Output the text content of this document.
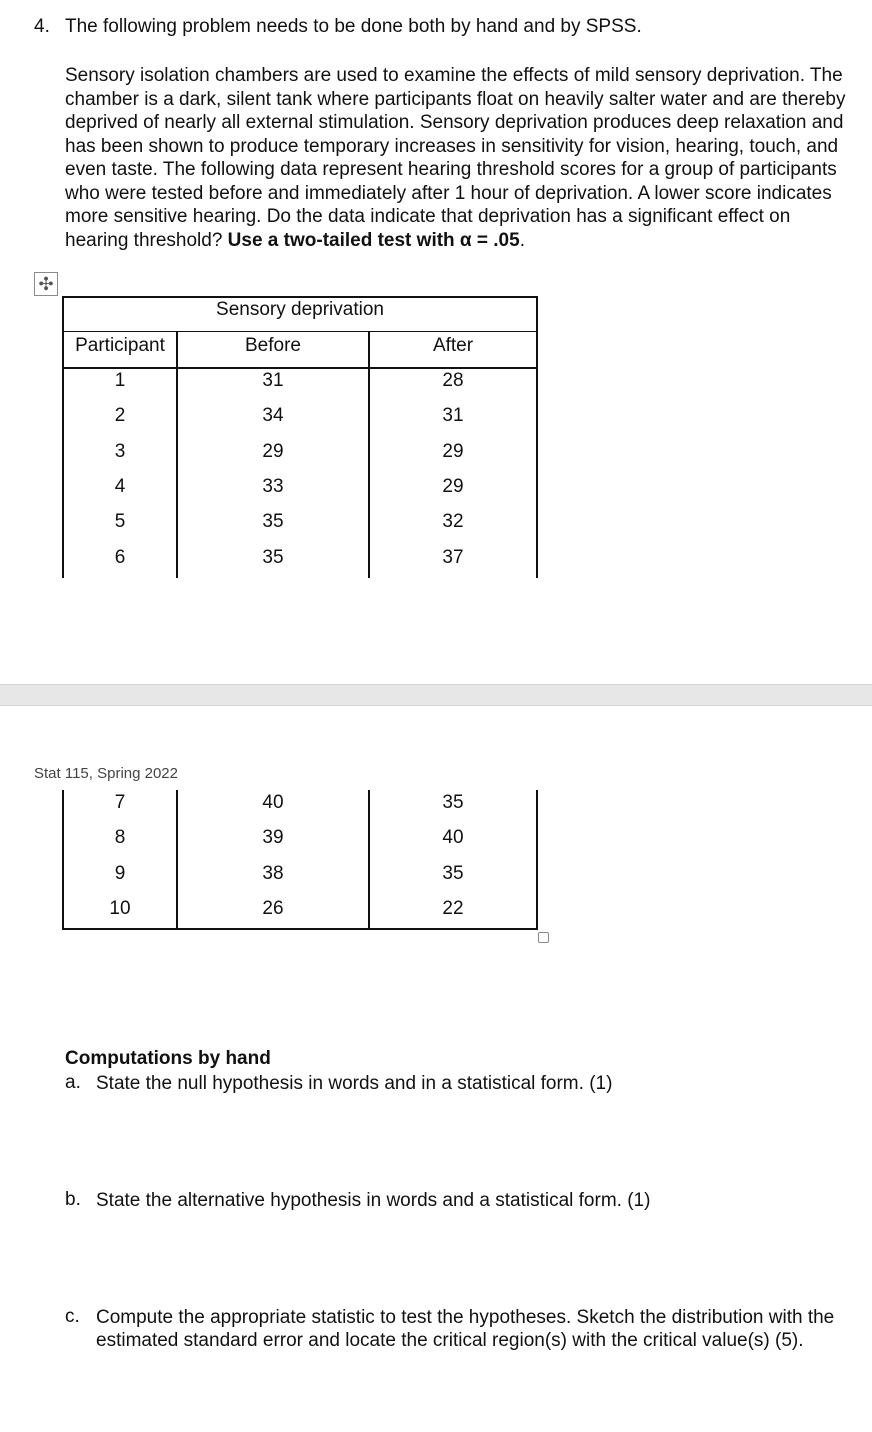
4. The following problem needs to be done both by hand and by SPSS.
Sensory isolation chambers are used to examine the effects of mild sensory deprivation. The chamber is a dark, silent tank where participants float on heavily salter water and are thereby deprived of nearly all external stimulation. Sensory deprivation produces deep relaxation and has been shown to produce temporary increases in sensitivity for vision, hearing, touch, and even taste. The following data represent hearing threshold scores for a group of participants who were tested before and immediately after 1 hour of deprivation. A lower score indicates more sensitive hearing. Do the data indicate that deprivation has a significant effect on hearing threshold? Use a two-tailed test with α = .05.
✣
Sensory deprivation
Participant	Before	After
1	31	28
2	34	31
3	29	29
4	33	29
5	35	32
6	35	37
Stat 115, Spring 2022
7	40	35
8	39	40
9	38	35
10	26	22
Computations by hand
a. State the null hypothesis in words and in a statistical form. (1)
b. State the alternative hypothesis in words and a statistical form. (1)
c. Compute the appropriate statistic to test the hypotheses. Sketch the distribution with the estimated standard error and locate the critical region(s) with the critical value(s) (5).
